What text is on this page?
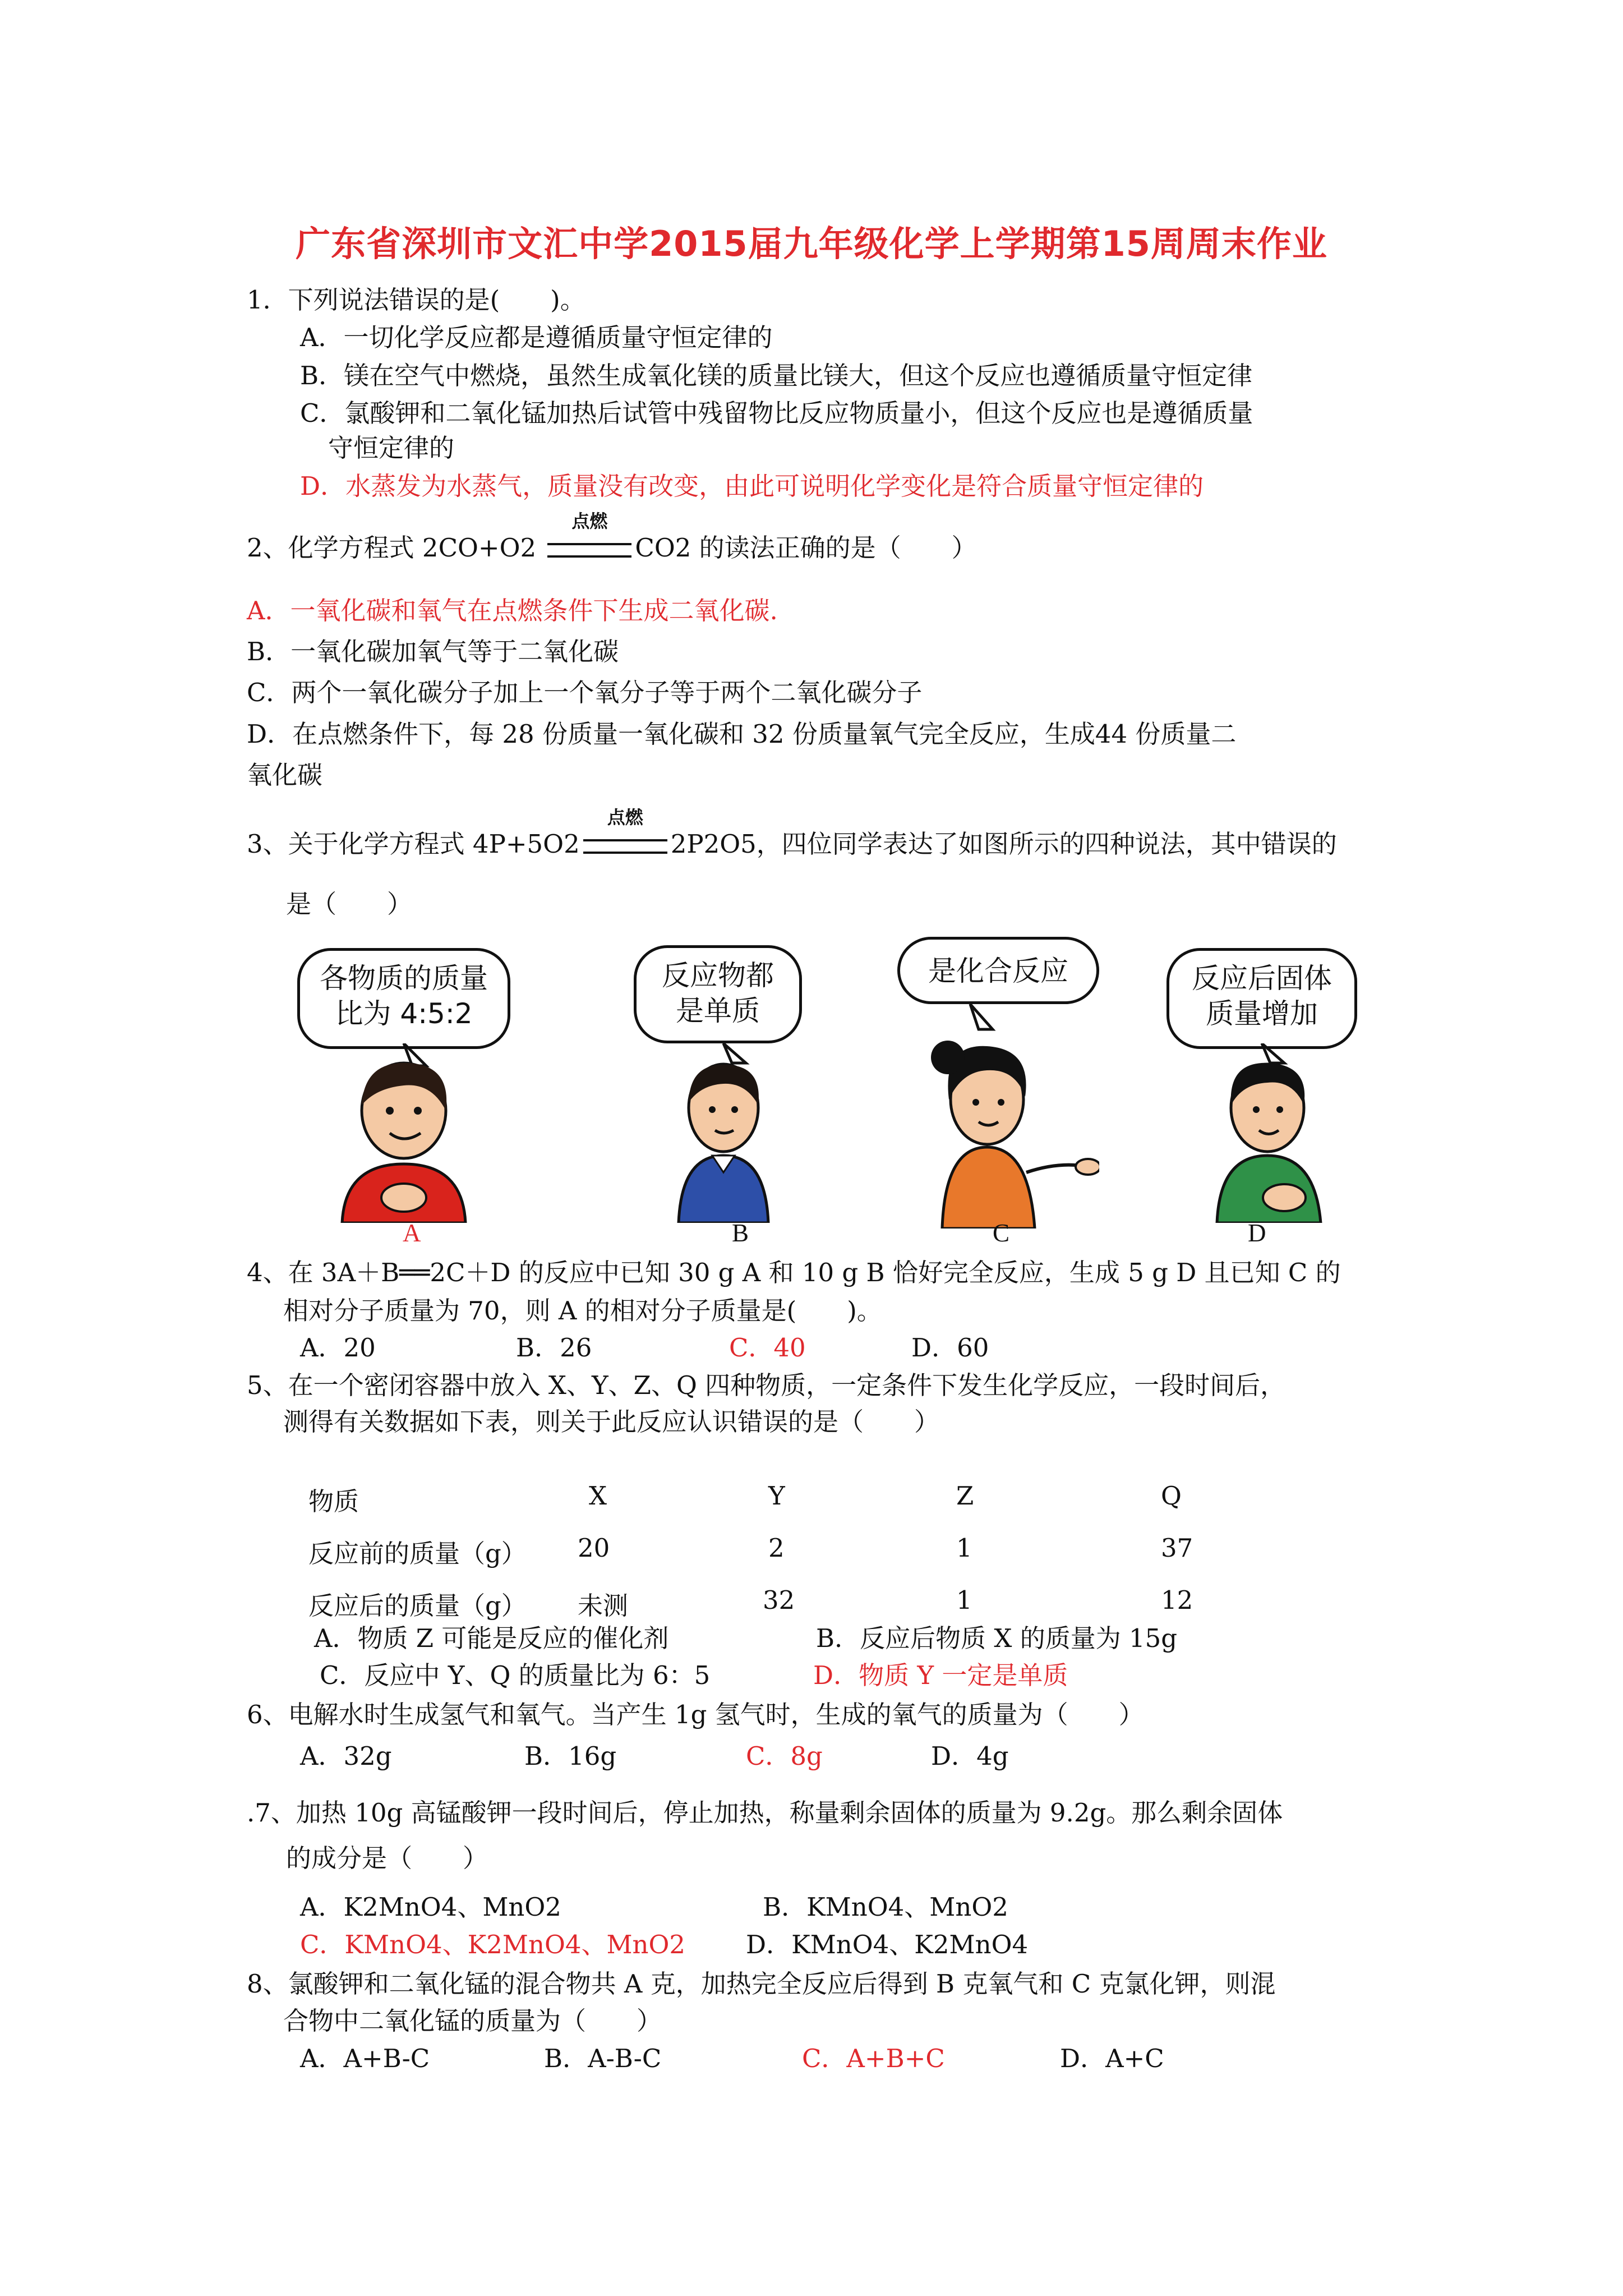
广东省深圳市文汇中学2015届九年级化学上学期第15周周末作业
1．下列说法错误的是(　　)。
A．一切化学反应都是遵循质量守恒定律的
B．镁在空气中燃烧，虽然生成氧化镁的质量比镁大，但这个反应也遵循质量守恒定律
C．氯酸钾和二氧化锰加热后试管中残留物比反应物质量小，但这个反应也是遵循质量
守恒定律的
D．水蒸发为水蒸气，质量没有改变，由此可说明化学变化是符合质量守恒定律的
2、化学方程式 2CO+O2
点燃
CO2 的读法正确的是（　　）
A．一氧化碳和氧气在点燃条件下生成二氧化碳.
B．一氧化碳加氧气等于二氧化碳
C．两个一氧化碳分子加上一个氧分子等于两个二氧化碳分子
D．在点燃条件下，每 28 份质量一氧化碳和 32 份质量氧气完全反应，生成44 份质量二
氧化碳
3、关于化学方程式 4P+5O2
点燃
2P2O5，四位同学表达了如图所示的四种说法，其中错误的
是（　　）
各物质的质量
比为 4:5:2
反应物都
是单质
是化合反应	反应后固体
质量增加
A	B	C	D
4、在 3A＋B══2C＋D 的反应中已知 30 g A 和 10 g B 恰好完全反应，生成 5 g D 且已知 C 的
相对分子质量为 70，则 A 的相对分子质量是(　　)。
A．20	B．26	C．40	D．60
5、在一个密闭容器中放入 X、Y、Z、Q 四种物质，一定条件下发生化学反应，一段时间后，
测得有关数据如下表，则关于此反应认识错误的是（　　）
物质	X	Y	Z	Q
反应前的质量（g） 20	2	1	37
反应后的质量（g） 未测	32	1	12
A．物质 Z 可能是反应的催化剂	B．反应后物质 X 的质量为 15g
C．反应中 Y、Q 的质量比为 6：5	D．物质 Y 一定是单质
6、电解水时生成氢气和氧气。当产生 1g 氢气时，生成的氧气的质量为（　　）
A．32g	B．16g	C．8g	D．4g
.7、加热 10g 高锰酸钾一段时间后，停止加热，称量剩余固体的质量为 9.2g。那么剩余固体
的成分是（　　）
A．K2MnO4、MnO2	B．KMnO4、MnO2
C．KMnO4、K2MnO4、MnO2 D．KMnO4、K2MnO4
8、氯酸钾和二氧化锰的混合物共 A 克，加热完全反应后得到 B 克氧气和 C 克氯化钾，则混
合物中二氧化锰的质量为（　　）
A．A+B-C	B．A-B-C	C．A+B+C	D．A+C
